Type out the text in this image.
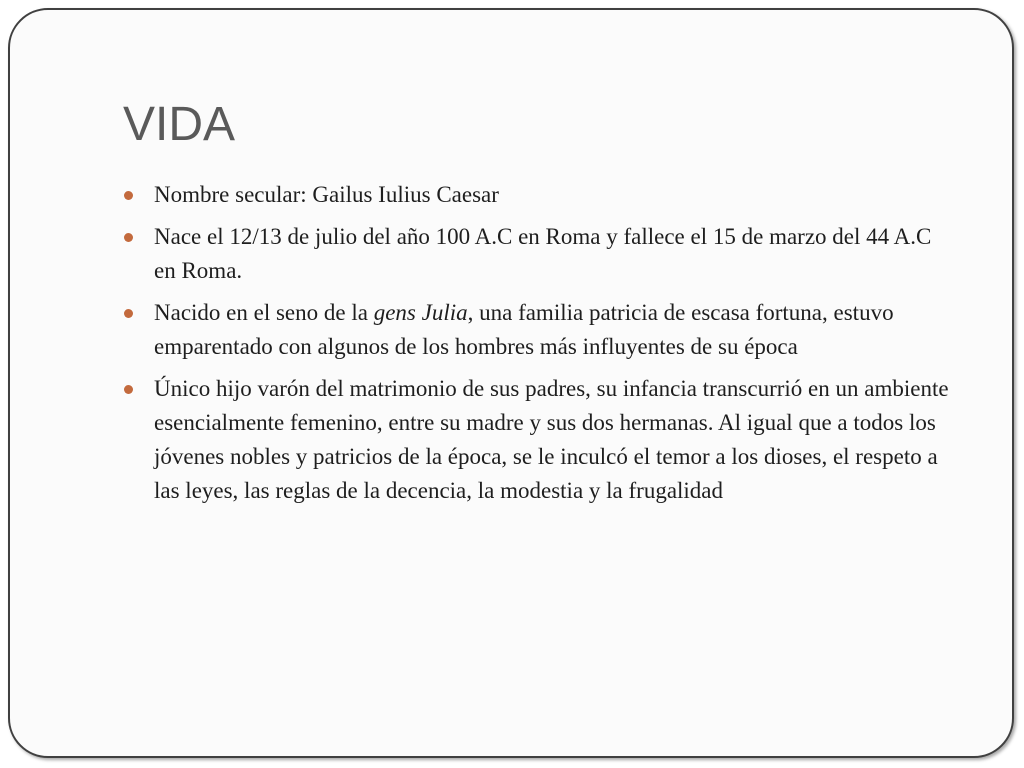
VIDA
Nombre secular: Gailus Iulius Caesar
Nace el 12/13 de julio del año 100 A.C en Roma y fallece el 15 de marzo del 44 A.C en Roma.
Nacido en el seno de la gens Julia, una familia patricia de escasa fortuna, estuvo emparentado con algunos de los hombres más influyentes de su época
Único hijo varón del matrimonio de sus padres, su infancia transcurrió en un ambiente esencialmente femenino, entre su madre y sus dos hermanas. Al igual que a todos los jóvenes nobles y patricios de la época, se le inculcó el temor a los dioses, el respeto a las leyes, las reglas de la decencia, la modestia y la frugalidad
